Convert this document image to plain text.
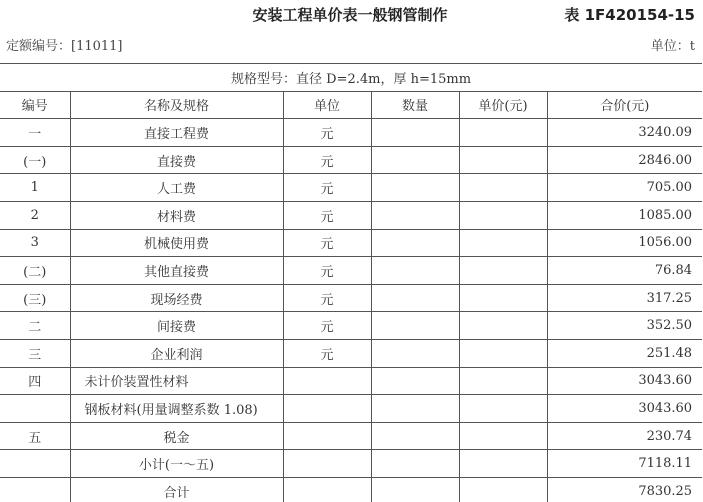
安装工程单价表一般钢管制作	表 1F420154-15
定额编号：[11011]	单位：t
规格型号：直径 D=2.4m，厚 h=15mm					
编号	名称及规格	单位	数量	单价(元)	合价(元)
一	直接工程费	元			3240.09
(一)	直接费	元			2846.00
1	人工费	元			705.00
2	材料费	元			1085.00
3	机械使用费	元			1056.00
(二)	其他直接费	元			76.84
(三)	现场经费	元			317.25
二	间接费	元			352.50
三	企业利润	元			251.48
四	未计价装置性材料				3043.60
	钢板材料(用量调整系数 1.08)				3043.60
五	税金				230.74
	小计(一～五)				7118.11
	合计				7830.25
